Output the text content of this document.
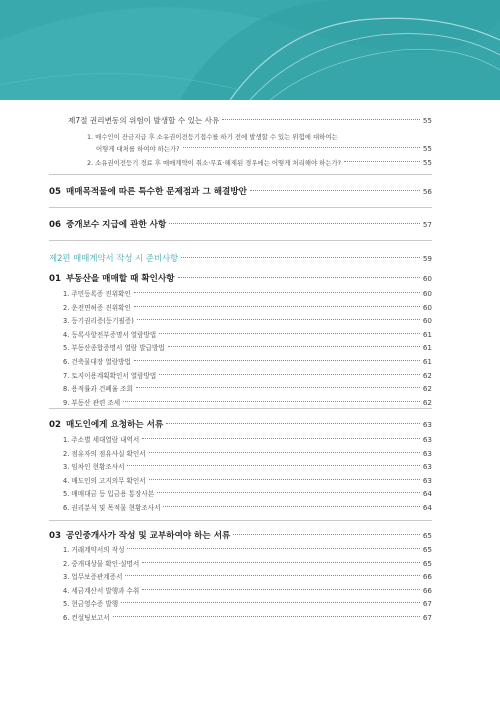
제7절 권리변동의 위험이 발생할 수 있는 사유	55
1. 매수인이 잔금지급 후 소유권이전등기접수를 하기 전에 발생할 수 있는 위험에 대하여는
어떻게 대처를 하여야 하는가?	55
2. 소유권이전등기 경료 후 매매계약이 취소·무효·해제된 경우에는 어떻게 처리해야 하는가?	55
05 매매목적물에 따른 특수한 문제점과 그 해결방안	56
06 중개보수 지급에 관한 사항	57
제2편 매매계약서 작성 시 준비사항	59
01 부동산을 매매할 때 확인사항	60
1. 주민등록증 진위확인	60
2. 운전면허증 진위확인	60
3. 등기권리증(등기필증)	60
4. 등록사항전부증명서 열람방법	61
5. 부동산종합증명서 열람 발급방법	61
6. 건축물대장 열람방법	61
7. 토지이용계획확인서 열람방법	62
8. 용적률과 건폐율 조회	62
9. 부동산 관련 조세	62
02 매도인에게 요청하는 서류	63
1. 주소별 세대열람 내역서	63
2. 점유자의 점유사실 확인서	63
3. 임차인 현황조사서	63
4. 매도인의 고지의무 확인서	63
5. 매매대금 등 입금용 통장사본	64
6. 권리분석 및 목적물 현황조사서	64
03 공인중개사가 작성 및 교부하여야 하는 서류	65
1. 거래계약서의 작성	65
2. 중개대상물 확인·설명서	65
3. 업무보증관계증서	66
4. 세금계산서 발행과 수취	66
5. 현금영수증 발행	67
6. 컨설팅보고서	67
